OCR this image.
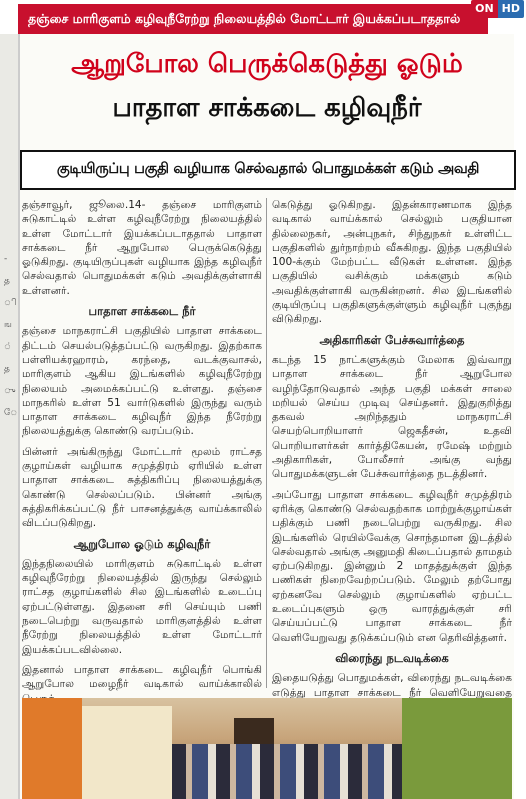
-
த
ி
ங
்
த
ு
ே
தஞ்சை மாரிகுளம் கழிவுநீரேற்று நிலையத்தில் மோட்டார் இயக்கப்படாததால்
ON HD
ஆறுபோல பெருக்கெடுத்து ஓடும்
பாதாள சாக்கடை கழிவுநீர்
குடியிருப்பு பகுதி வழியாக செல்வதால் பொதுமக்கள் கடும் அவதி

தஞ்சாவூர், ஜூலை.14- தஞ்சை மாரிகுளம் சுடுகாட்டில் உள்ள கழிவுநீரேற்று நிலையத்தில் உள்ள மோட்டார் இயக்கப்படாததால் பாதாள சாக்கடை நீர் ஆறுபோல பெருக்கெடுத்து ஓடுகிறது. குடியிருப்புகள் வழியாக இந்த கழிவுநீர் செல்வதால் பொதுமக்கள் கடும் அவதிக்குள்ளாகி உள்ளனர்.

பாதாள சாக்கடை நீர்

தஞ்சை மாநகராட்சி பகுதியில் பாதாள சாக்கடை திட்டம் செயல்படுத்தப்பட்டு வருகிறது. இதற்காக பள்ளியக்ரஹாரம், கரந்தை, வடக்குவாசல், மாரிகுளம் ஆகிய இடங்களில் கழிவுநீரேற்று நிலையம் அமைக்கப்பட்டு உள்ளது. தஞ்சை மாநகரில் உள்ள 51 வார்டுகளில் இருந்து வரும் பாதாள சாக்கடை கழிவுநீர் இந்த நீரேற்று நிலையத்துக்கு கொண்டு வரப்படும்.

பின்னர் அங்கிருந்து மோட்டார் மூலம் ராட்சத குழாய்கள் வழியாக சமுத்திரம் ஏரியில் உள்ள பாதாள சாக்கடை சுத்திகரிப்பு நிலையத்துக்கு கொண்டு செல்லப்படும். பின்னர் அங்கு சுத்திகரிக்கப்பட்டு நீர் பாசனத்துக்கு வாய்க்காலில் விடப்படுகிறது.

ஆறுபோல ஓடும் கழிவுநீர்

இந்தநிலையில் மாரிகுளம் சுடுகாட்டில் உள்ள கழிவுநீரேற்று நிலையத்தில் இருந்து செல்லும் ராட்சத குழாய்களில் சில இடங்களில் உடைப்பு ஏற்பட்டுள்ளது. இதனை சரி செய்யும் பணி நடைபெற்று வருவதால் மாரிகுளத்தில் உள்ள நீரேற்று நிலையத்தில் உள்ள மோட்டார் இயக்கப்படவில்லை.

இதனால் பாதாள சாக்கடை கழிவுநீர் பொங்கி ஆறுபோல மழைநீர் வடிகால் வாய்க்காலில்

கெடுத்து ஓடுகிறது. இதன்காரணமாக இந்த வடிகால் வாய்க்கால் செல்லும் பகுதியான தில்லைநகர், அன்புநகர், சிந்துநகர் உள்ளிட்ட பகுதிகளில் துர்நாற்றம் வீசுகிறது. இந்த பகுதியில் 100-க்கும் மேற்பட்ட வீடுகள் உள்ளன. இந்த பகுதியில் வசிக்கும் மக்களும் கடும் அவதிக்குள்ளாகி வருகின்றனர். சில இடங்களில் குடியிருப்பு பகுதிகளுக்குள்ளும் கழிவுநீர் புகுந்து விடுகிறது.

அதிகாரிகள் பேச்சுவார்த்தை

கடந்த 15 நாட்களுக்கும் மேலாக இவ்வாறு பாதாள சாக்கடை நீர் ஆறுபோல வழிந்தோடுவதால் அந்த பகுதி மக்கள் சாலை மறியல் செய்ய முடிவு செய்தனர். இதுகுறித்து தகவல் அறிந்ததும் மாநகராட்சி செயற்பொறியாளர் ஜெகதீசன், உதவி பொறியாளர்கள் கார்த்திகேயன், ரமேஷ் மற்றும் அதிகாரிகள், போலீசார் அங்கு வந்து பொதுமக்களுடன் பேச்சுவார்த்தை நடத்தினர்.

அப்போது பாதாள சாக்கடை கழிவுநீர் சமுத்திரம் ஏரிக்கு கொண்டு செல்வதற்காக மாற்றுக்குழாய்கள் பதிக்கும் பணி நடைபெற்று வருகிறது. சில இடங்களில் ரெயில்வேக்கு சொந்தமான இடத்தில் செல்வதால் அங்கு அனுமதி கிடைப்பதால் தாமதம் ஏற்படுகிறது. இன்னும் 2 மாதத்துக்குள் இந்த பணிகள் நிறைவேற்றப்படும். மேலும் தற்போது ஏற்கனவே செல்லும் குழாய்களில் ஏற்பட்ட உடைப்புகளும் ஒரு வாரத்துக்குள் சரி செய்யப்பட்டு பாதாள சாக்கடை நீர் வெளியேறுவது தடுக்கப்படும் என தெரிவித்தனர்.

விரைந்து நடவடிக்கை

இதையடுத்து பொதுமக்கள், விரைந்து நடவடிக்கை எடுத்து பாதாள சாக்கடை நீர் வெளியேறுவதை
